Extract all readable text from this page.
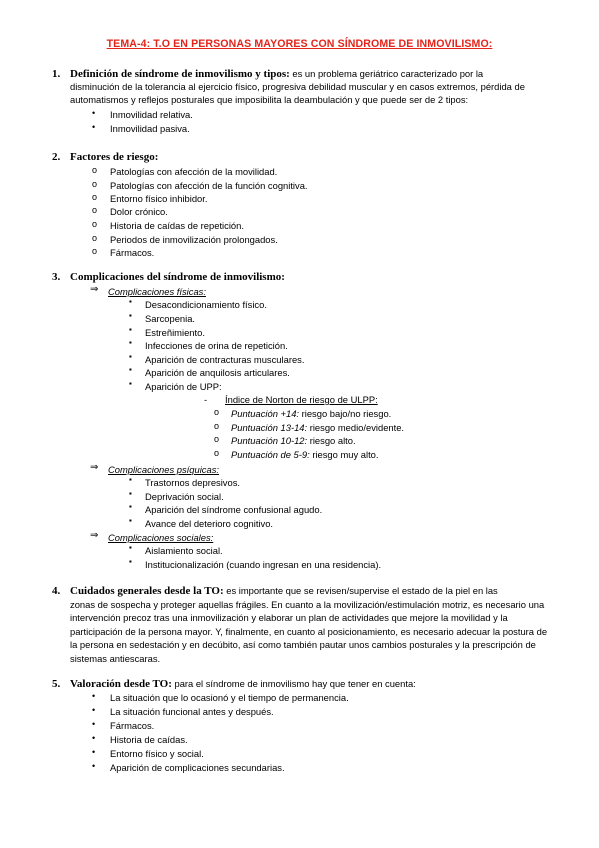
TEMA-4: T.O EN PERSONAS MAYORES CON SÍNDROME DE INMOVILISMO:
1. Definición de síndrome de inmovilismo y tipos: es un problema geriátrico caracterizado por la
disminución de la tolerancia al ejercicio físico, progresiva debilidad muscular y en casos extremos, pérdida de automatismos y reflejos posturales que imposibilita la deambulación y que puede ser de 2 tipos:
• Inmovilidad relativa.
• Inmovilidad pasiva.
2. Factores de riesgo:
o Patologías con afección de la movilidad.
o Patologías con afección de la función cognitiva.
o Entorno físico inhibidor.
o Dolor crónico.
o Historia de caídas de repetición.
o Periodos de inmovilización prolongados.
o Fármacos.
3. Complicaciones del síndrome de inmovilismo:
⇒ Complicaciones físicas:
▪ Desacondicionamiento físico.
▪ Sarcopenia.
▪ Estreñimiento.
▪ Infecciones de orina de repetición.
▪ Aparición de contracturas musculares.
▪ Aparición de anquilosis articulares.
▪ Aparición de UPP:
- Índice de Norton de riesgo de ULPP:
o Puntuación +14: riesgo bajo/no riesgo.
o Puntuación 13-14: riesgo medio/evidente.
o Puntuación 10-12: riesgo alto.
o Puntuación de 5-9: riesgo muy alto.
⇒ Complicaciones psíquicas:
▪ Trastornos depresivos.
▪ Deprivación social.
▪ Aparición del síndrome confusional agudo.
▪ Avance del deterioro cognitivo.
⇒ Complicaciones sociales:
▪ Aislamiento social.
▪ Institucionalización (cuando ingresan en una residencia).
4. Cuidados generales desde la TO: es importante que se revisen/supervise el estado de la piel en las
zonas de sospecha y proteger aquellas frágiles. En cuanto a la movilización/estimulación motriz, es necesario una intervención precoz tras una inmovilización y elaborar un plan de actividades que mejore la movilidad y la participación de la persona mayor. Y, finalmente, en cuanto al posicionamiento, es necesario adecuar la postura de la persona en sedestación y en decúbito, así como también pautar unos cambios posturales y la prescripción de sistemas antiescaras.
5. Valoración desde TO: para el síndrome de inmovilismo hay que tener en cuenta:
• La situación que lo ocasionó y el tiempo de permanencia.
• La situación funcional antes y después.
• Fármacos.
• Historia de caídas.
• Entorno físico y social.
• Aparición de complicaciones secundarias.
